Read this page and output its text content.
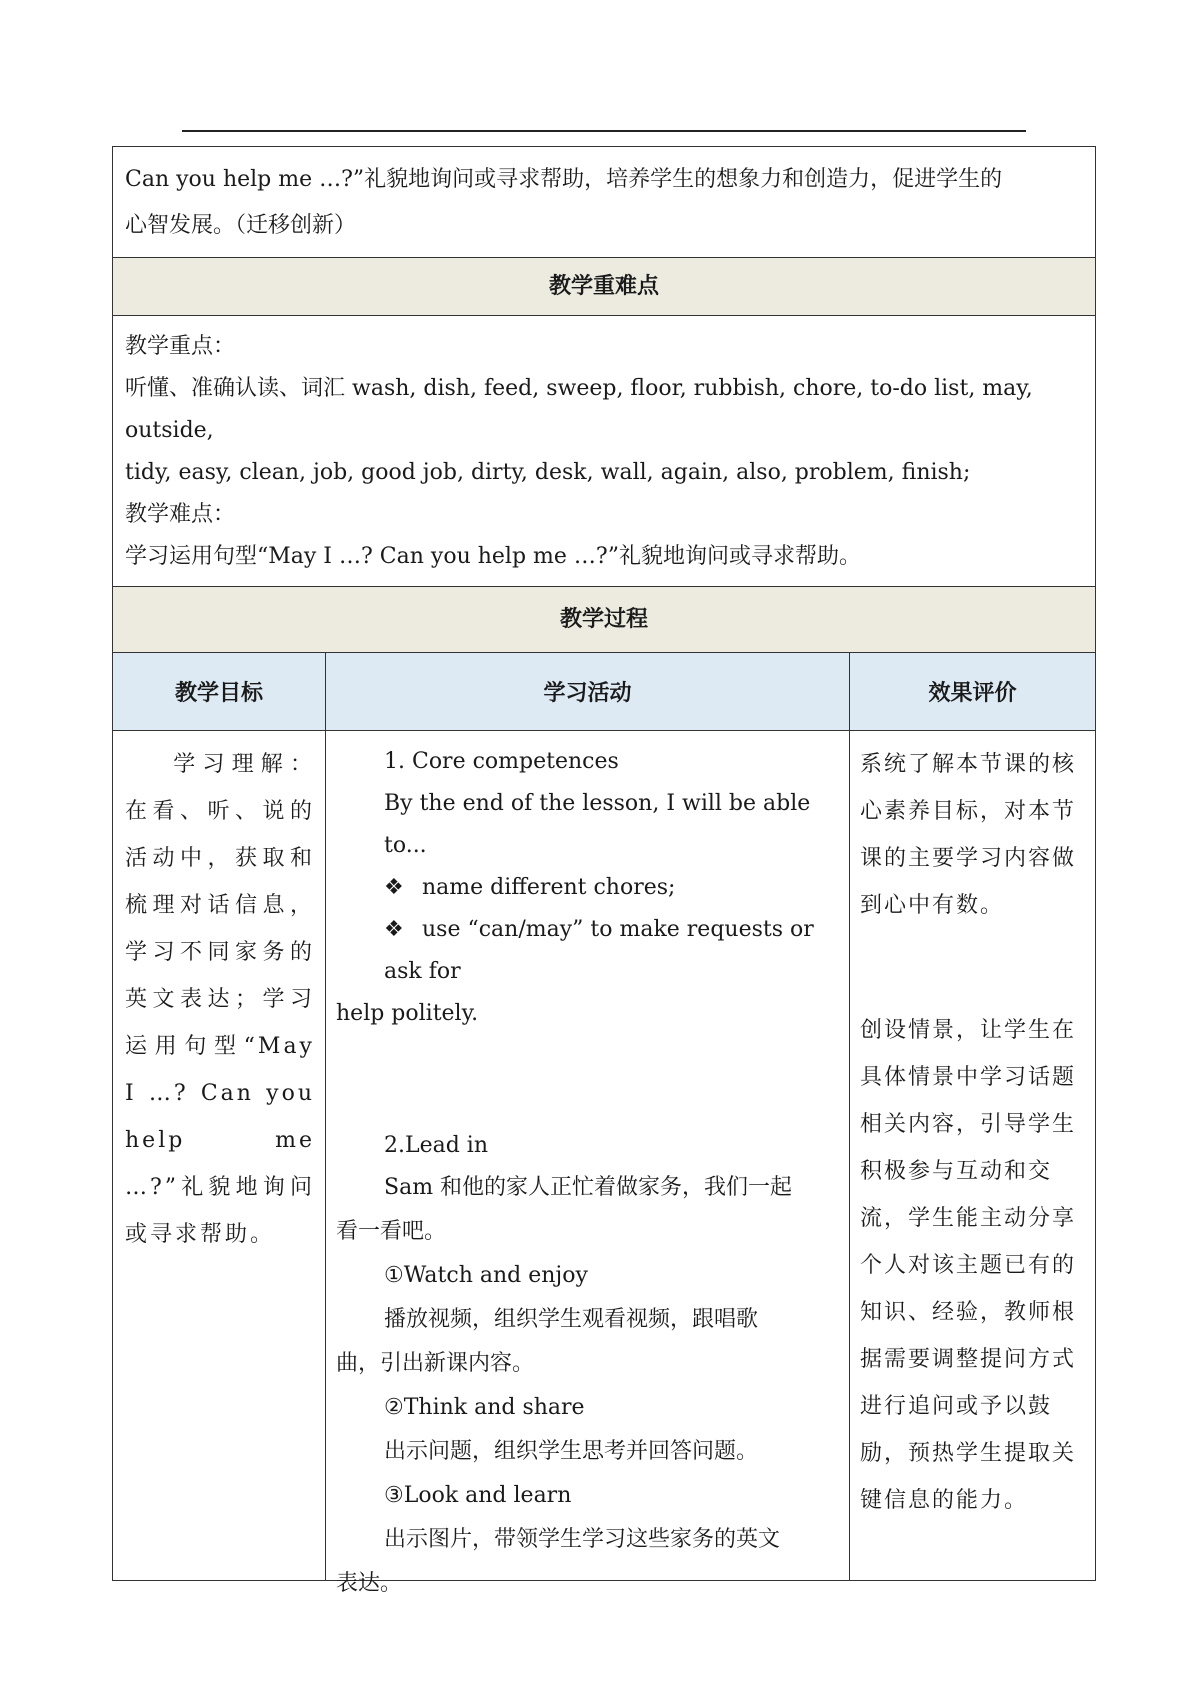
Can you help me …?”礼貌地询问或寻求帮助，培养学生的想象力和创造力，促进学生的

心智发展。（迁移创新）

教学重难点

教学重点：

听懂、准确认读、词汇 wash, dish, feed, sweep, floor, rubbish, chore, to-do list, may, outside,

tidy, easy, clean, job, good job, dirty, desk, wall, again, also, problem, finish;

教学难点：

学习运用句型“May I …? Can you help me …?”礼貌地询问或寻求帮助。

教学过程
教学目标	学习活动	效果评价
学习理解：在看、听、说的活动中，获取和梳理对话信息，学习不同家务的英文表达；学习运用句型“May I …? Can you help me …?”礼貌地询问或寻求帮助。

1. Core competences

By the end of the lesson, I will be able to...

❖ name different chores;

❖ use “can/may” to make requests or ask for

help politely.

2.Lead in

Sam 和他的家人正忙着做家务，我们一起

看一看吧。

①Watch and enjoy

播放视频，组织学生观看视频，跟唱歌

曲，引出新课内容。

②Think and share

出示问题，组织学生思考并回答问题。

③Look and learn

出示图片，带领学生学习这些家务的英文

表达。

系统了解本节课的核心素养目标，对本节课的主要学习内容做到心中有数。

创设情景，让学生在具体情景中学习话题相关内容，引导学生积极参与互动和交流，学生能主动分享个人对该主题已有的知识、经验，教师根据需要调整提问方式进行追问或予以鼓励，预热学生提取关键信息的能力。
